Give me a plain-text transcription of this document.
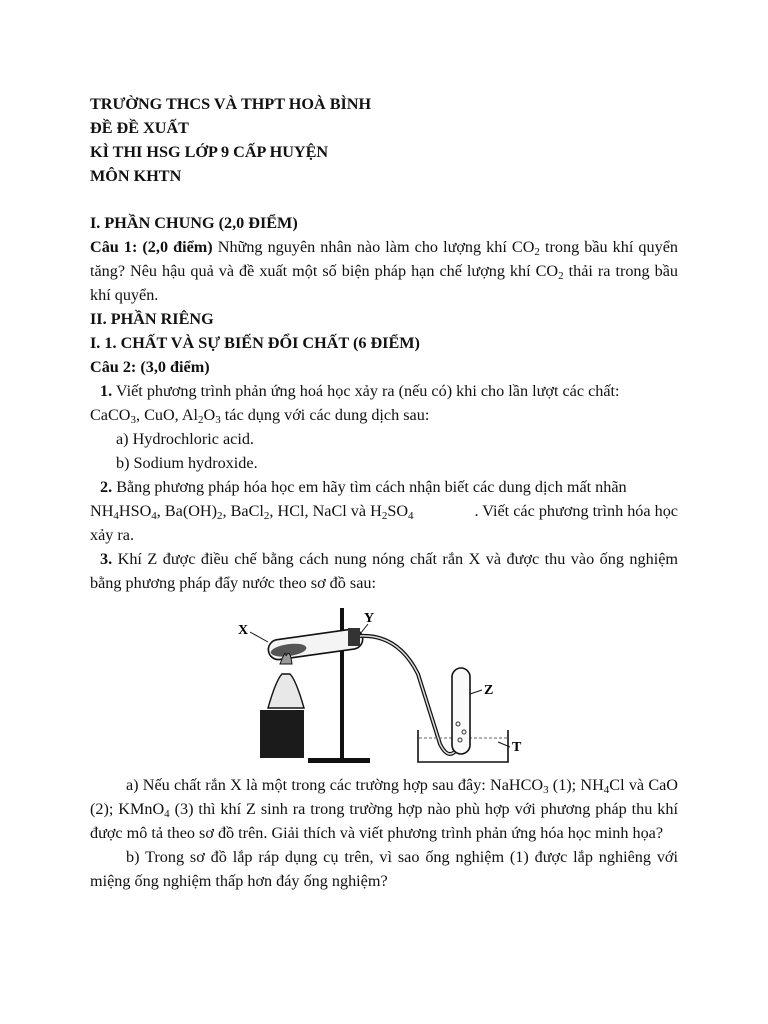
TRƯỜNG THCS VÀ THPT HOÀ BÌNH
ĐỀ ĐỀ XUẤT
KÌ THI HSG LỚP 9 CẤP HUYỆN
MÔN KHTN
I. PHẦN CHUNG (2,0 ĐIỂM)
Câu 1: (2,0 điểm) Những nguyên nhân nào làm cho lượng khí $CO_2$ trong bầu khí quyển tăng? Nêu hậu quả và đề xuất một số biện pháp hạn chế lượng khí $CO_2$ thải ra trong bầu khí quyển.
II. PHẦN RIÊNG
I. 1. CHẤT VÀ SỰ BIẾN ĐỔI CHẤT (6 ĐIỂM)
Câu 2: (3,0 điểm)
1. Viết phương trình phản ứng hoá học xảy ra (nếu có) khi cho lần lượt các chất:
CaCO$_3$, CuO, $Al_2O_3$ tác dụng với các dung dịch sau:
a) Hydrochloric acid.
b) Sodium hydroxide.
2. Bằng phương pháp hóa học em hãy tìm cách nhận biết các dung dịch mất nhãn
$NH_4HSO_4$, $Ba(OH)_2$, BaCl$_2$, HCl, NaCl và $H_2SO_4$	. Viết các phương trình hóa học
xảy ra.
3. Khí Z được điều chế bằng cách nung nóng chất rắn X và được thu vào ống nghiệm bằng phương pháp đẩy nước theo sơ đồ sau:
X
Y
Z
T
a) Nếu chất rắn X là một trong các trường hợp sau đây: NaHCO$_3$ (1); $NH_4Cl$ và CaO (2); KMnO$_4$ (3) thì khí Z sinh ra trong trường hợp nào phù hợp với phương pháp thu khí được mô tả theo sơ đồ trên. Giải thích và viết phương trình phản ứng hóa học minh họa?
b) Trong sơ đồ lắp ráp dụng cụ trên, vì sao ống nghiệm (1) được lắp nghiêng với miệng ống nghiệm thấp hơn đáy ống nghiệm?
